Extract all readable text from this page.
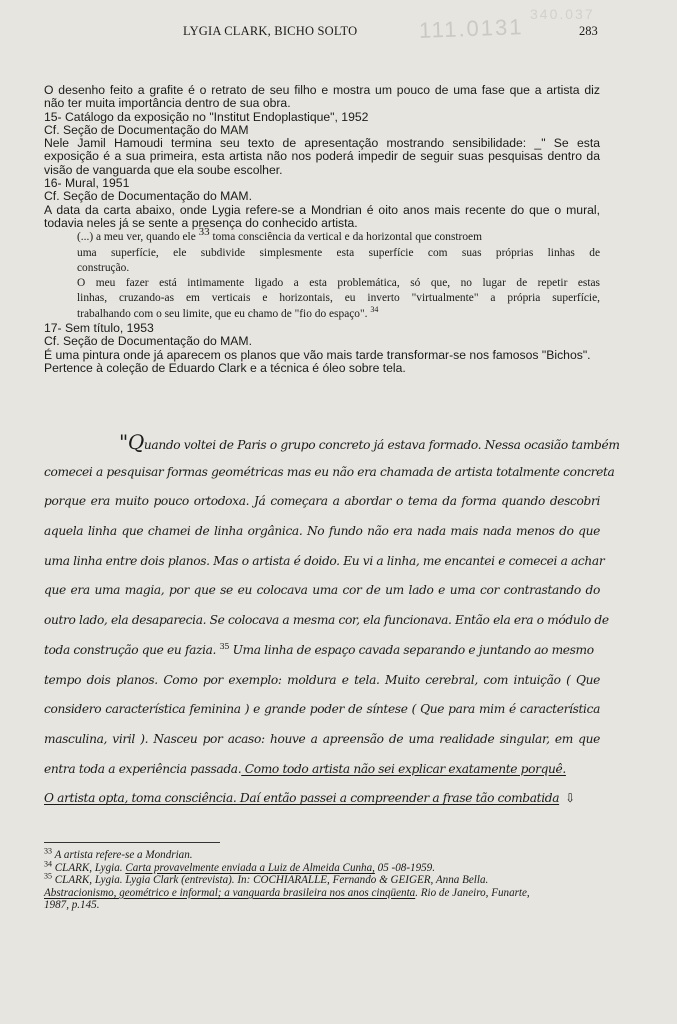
111.0131
340.037
LYGIA CLARK, BICHO SOLTO	283
O desenho feito a grafite é o retrato de seu filho e mostra um pouco de uma fase que a artista diz
não ter muita importância dentro de sua obra.
15- Catálogo da exposição no "Institut Endoplastique", 1952
Cf. Seção de Documentação do MAM
Nele Jamil Hamoudi termina seu texto de apresentação mostrando sensibilidade: _" Se esta
exposição é a sua primeira, esta artista não nos poderá impedir de seguir suas pesquisas dentro da
visão de vanguarda que ela soube escolher.
16- Mural, 1951
Cf. Seção de Documentação do MAM.
A data da carta abaixo, onde Lygia refere-se a Mondrian é oito anos mais recente do que o mural,
todavia neles já se sente a presença do conhecido artista.
(...) a meu ver, quando ele $^{33}$ toma consciência da vertical e da horizontal que constroem
uma superfície, ele subdivide simplesmente esta superfície com suas próprias linhas de
construção.
O meu fazer está intimamente ligado a esta problemática, só que, no lugar de repetir estas
linhas, cruzando-as em verticais e horizontais, eu inverto "virtualmente" a própria superfície,
trabalhando com o seu limite, que eu chamo de "fio do espaço". $^{34}$
17- Sem título, 1953
Cf. Seção de Documentação do MAM.
É uma pintura onde já aparecem os planos que vão mais tarde transformar-se nos famosos "Bichos".
Pertence à coleção de Eduardo Clark e a técnica é óleo sobre tela.
"Quando voltei de Paris o grupo concreto já estava formado. Nessa ocasião também
comecei a pesquisar formas geométricas mas eu não era chamada de artista totalmente concreta
porque era muito pouco ortodoxa. Já começara a abordar o tema da forma quando descobri
aquela linha que chamei de linha orgânica. No fundo não era nada mais nada menos do que
uma linha entre dois planos. Mas o artista é doido. Eu vi a linha, me encantei e comecei a achar
que era uma magia, por que se eu colocava uma cor de um lado e uma cor contrastando do
outro lado, ela desaparecia. Se colocava a mesma cor, ela funcionava. Então ela era o módulo de
toda construção que eu fazia. $^{35}$ Uma linha de espaço cavada separando e juntando ao mesmo
tempo dois planos. Como por exemplo: moldura e tela. Muito cerebral, com intuição ( Que
considero característica feminina ) e grande poder de síntese ( Que para mim é característica
masculina, viril ). Nasceu por acaso: houve a apreensão de uma realidade singular, em que
entra toda a experiência passada. Como todo artista não sei explicar exatamente porquê.
O artista opta, toma consciência. Daí então passei a compreender a frase tão combatida ⇩
$^{33}$ A artista refere-se a Mondrian.
$^{34}$ CLARK, Lygia. Carta provavelmente enviada a Luiz de Almeida Cunha, 05 -08-1959.
$^{35}$ CLARK, Lygia. Lygia Clark (entrevista). In: COCHIARALLE, Fernando & GEIGER, Anna Bella.
Abstracionismo, geométrico e informal; a vanguarda brasileira nos anos cinqüenta. Rio de Janeiro, Funarte,
1987, p.145.
